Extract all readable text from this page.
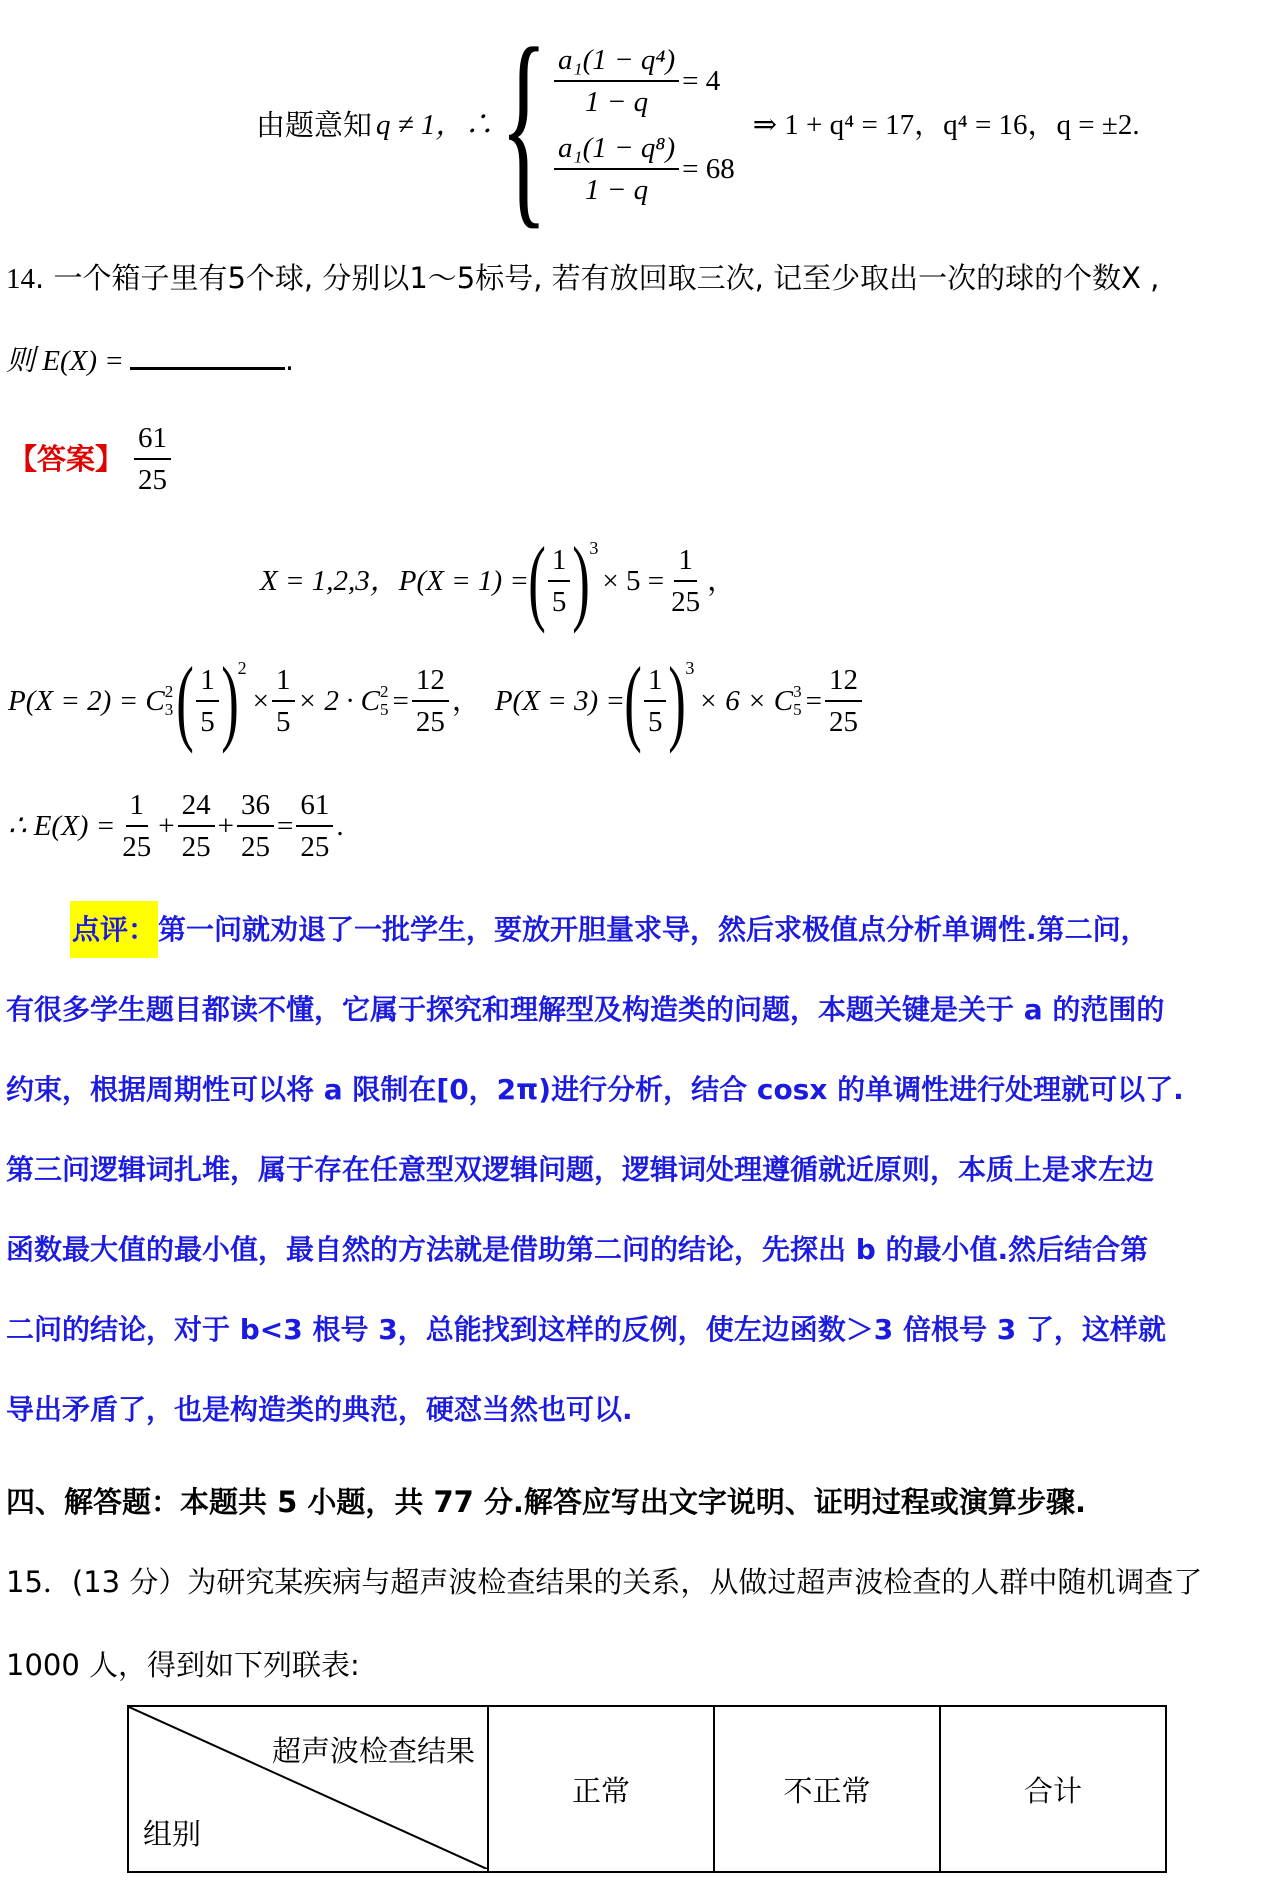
由题意知 q ≠ 1，∴ { $\frac{\text{a₁(1 − q⁴)}}{1 - q} = 4$
$\frac{\text{a₁(1 − q⁸)}}{1 - q} = 68$
⇒ 1 + q⁴ = 17，q⁴ = 16，q = ±2.
14. 一个箱子里有5个球, 分别以1～5标号, 若有放回取三次, 记至少取出一次的球的个数X ,
则 E(X) =	.
【答案】 $\frac{61}{25}$
X = 1,2,3，P(X = 1) = ( $\frac{1}{5}$ ) 3
× $5 = \frac{1}{25}$ ，
P(X = 2) = C 2
3 ( $\frac{1}{5}$ ) 2
× $\frac{1}{5} \times 2 \cdot C$ 2
$5 = \frac{12}{25}$ ， P(X = 3) = ( $\frac{1}{5}$ ) 3
× 6 × C 3
$5 = \frac{12}{25}$
∴ $E(X) = \frac{1}{25} + \frac{24}{25} + \frac{36}{25} = \frac{61}{25}$ .
点评：第一问就劝退了一批学生，要放开胆量求导，然后求极值点分析单调性.第二问，
有很多学生题目都读不懂，它属于探究和理解型及构造类的问题，本题关键是关于 a 的范围的
约束，根据周期性可以将 a 限制在[0，2π)进行分析，结合 cosx 的单调性进行处理就可以了.
第三问逻辑词扎堆，属于存在任意型双逻辑问题，逻辑词处理遵循就近原则，本质上是求左边
函数最大值的最小值，最自然的方法就是借助第二问的结论，先探出 b 的最小值.然后结合第
二问的结论，对于 b<3 根号 3，总能找到这样的反例，使左边函数＞3 倍根号 3 了，这样就
导出矛盾了，也是构造类的典范，硬怼当然也可以.
四、解答题：本题共 5 小题，共 77 分.解答应写出文字说明、证明过程或演算步骤.
15．(13 分）为研究某疾病与超声波检查结果的关系，从做过超声波检查的人群中随机调查了
1000 人，得到如下列联表:
超声波检查结果
组别
	正常	不正常	合计
